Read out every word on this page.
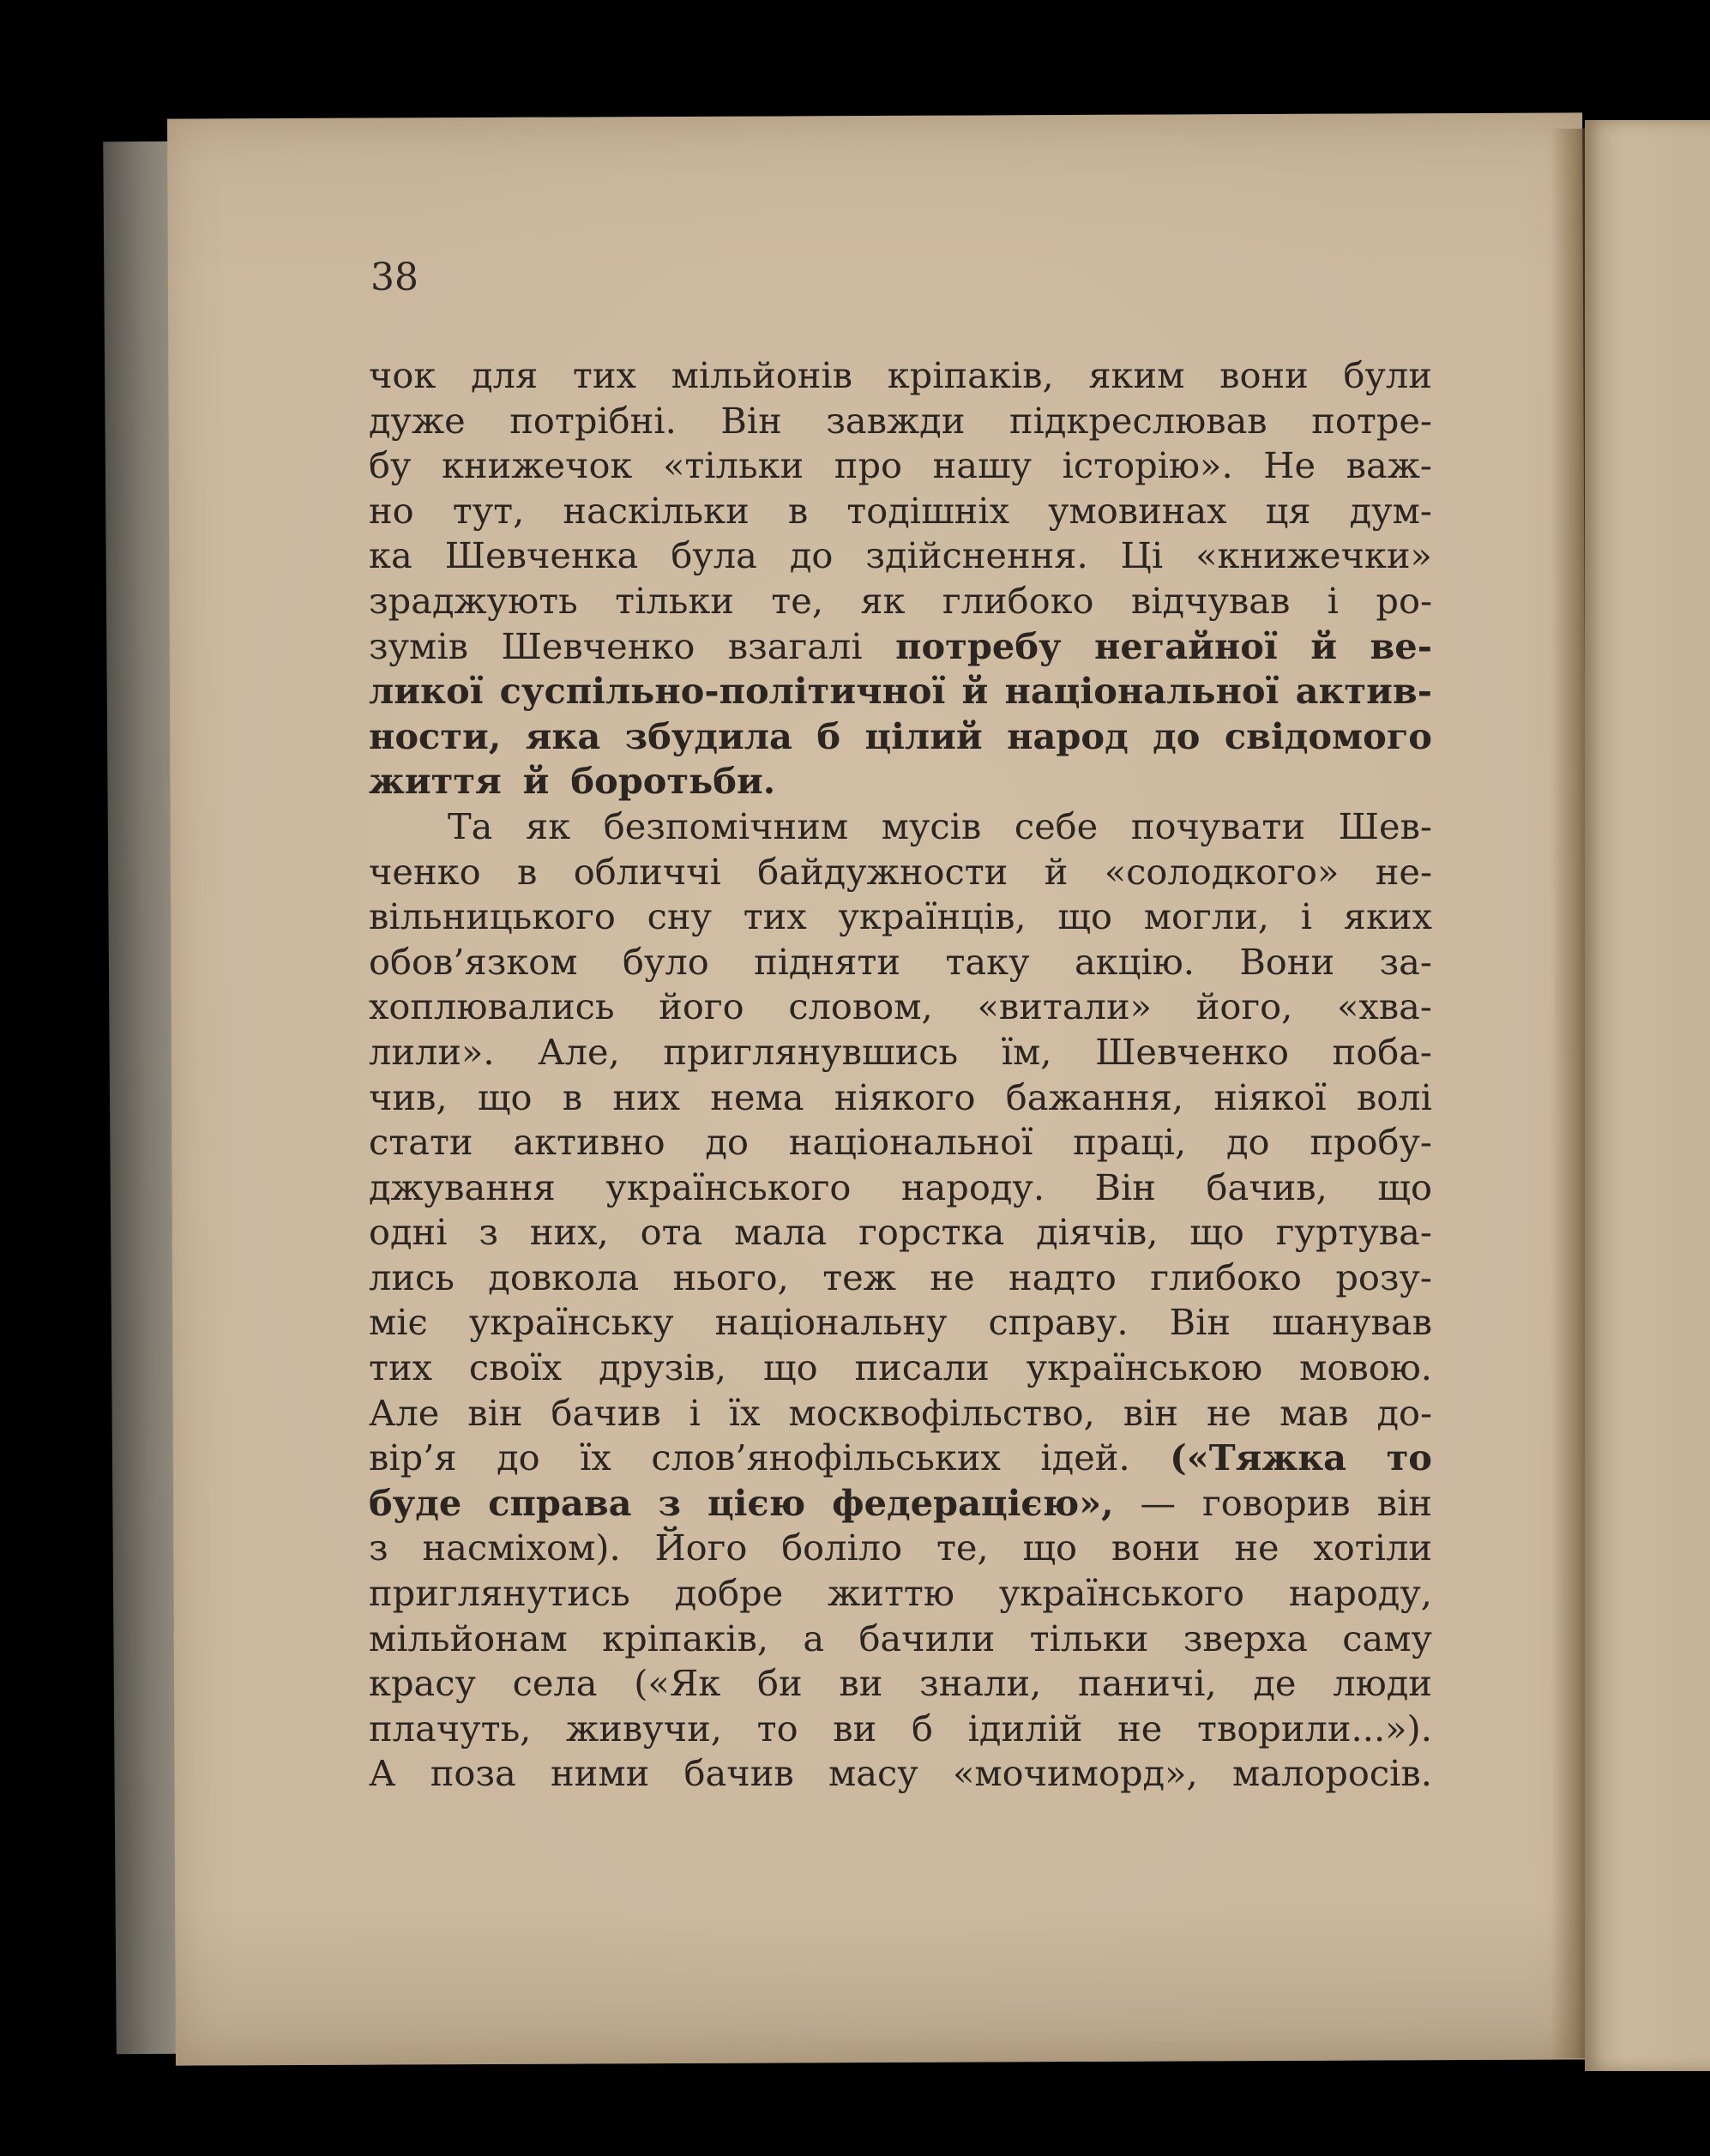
38

чок для тих мільйонів кріпаків, яким вони були
дуже потрібні. Він завжди підкреслював потре-
бу книжечок «тільки про нашу історію». Не важ-
но тут, наскільки в тодішніх умовинах ця дум-
ка Шевченка була до здійснення. Ці «книжечки»
зраджують тільки те, як глибоко відчував і ро-
зумів Шевченко взагалі потребу негайної й ве-
ликої суспільно-політичної й національної актив-
ности, яка збудила б цілий народ до свідомого
життя й боротьби.
Та як безпомічним мусів себе почувати Шев-
ченко в обличчі байдужности й «солодкого» не-
вільницького сну тих українців, що могли, і яких
обов’язком було підняти таку акцію. Вони за-
хоплювались його словом, «витали» його, «хва-
лили». Але, приглянувшись їм, Шевченко поба-
чив, що в них нема ніякого бажання, ніякої волі
стати активно до національної праці, до пробу-
джування українського народу. Він бачив, що
одні з них, ота мала горстка діячів, що гуртува-
лись довкола нього, теж не надто глибоко розу-
міє українську національну справу. Він шанував
тих своїх друзів, що писали українською мовою.
Але він бачив і їх москвофільство, він не мав до-
вір’я до їх слов’янофільських ідей. («Тяжка то
буде справа з цією федерацією», — говорив він
з насміхом). Його боліло те, що вони не хотіли
приглянутись добре життю українського народу,
мільйонам кріпаків, а бачили тільки зверха саму
красу села («Як би ви знали, паничі, де люди
плачуть, живучи, то ви б ідилій не творили...»).
А поза ними бачив масу «мочиморд», малоросів.
